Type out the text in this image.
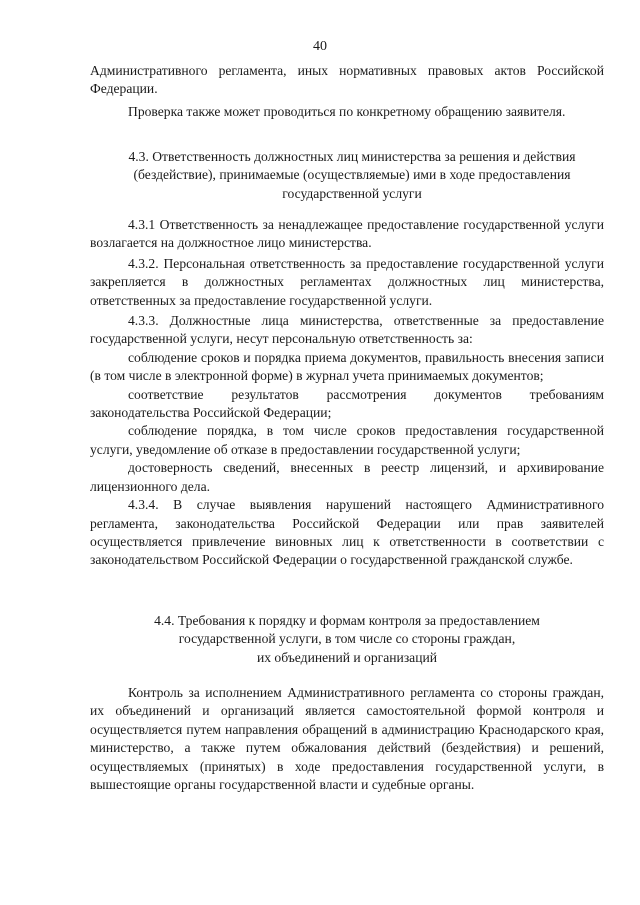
40

Административного регламента, иных нормативных правовых актов Российской Федерации.

Проверка также может проводиться по конкретному обращению заявителя.

4.3. Ответственность должностных лиц министерства за решения и действия (бездействие), принимаемые (осуществляемые) ими в ходе предоставления государственной услуги

4.3.1 Ответственность за ненадлежащее предоставление государственной услуги возлагается на должностное лицо министерства.

4.3.2. Персональная ответственность за предоставление государственной услуги закрепляется в должностных регламентах должностных лиц министерства, ответственных за предоставление государственной услуги.

4.3.3. Должностные лица министерства, ответственные за предоставление государственной услуги, несут персональную ответственность за:

соблюдение сроков и порядка приема документов, правильность внесения записи (в том числе в электронной форме) в журнал учета принимаемых документов;

соответствие результатов рассмотрения документов требованиям законодательства Российской Федерации;

соблюдение порядка, в том числе сроков предоставления государственной услуги, уведомление об отказе в предоставлении государственной услуги;

достоверность сведений, внесенных в реестр лицензий, и архивирование лицензионного дела.

4.3.4. В случае выявления нарушений настоящего Административного регламента, законодательства Российской Федерации или прав заявителей осуществляется привлечение виновных лиц к ответственности в соответствии с законодательством Российской Федерации о государственной гражданской службе.

4.4. Требования к порядку и формам контроля за предоставлением

государственной услуги, в том числе со стороны граждан,

их объединений и организаций

Контроль за исполнением Административного регламента со стороны граждан, их объединений и организаций является самостоятельной формой контроля и осуществляется путем направления обращений в администрацию Краснодарского края, министерство, а также путем обжалования действий (бездействия) и решений, осуществляемых (принятых) в ходе предоставления государственной услуги, в вышестоящие органы государственной власти и судебные органы.
